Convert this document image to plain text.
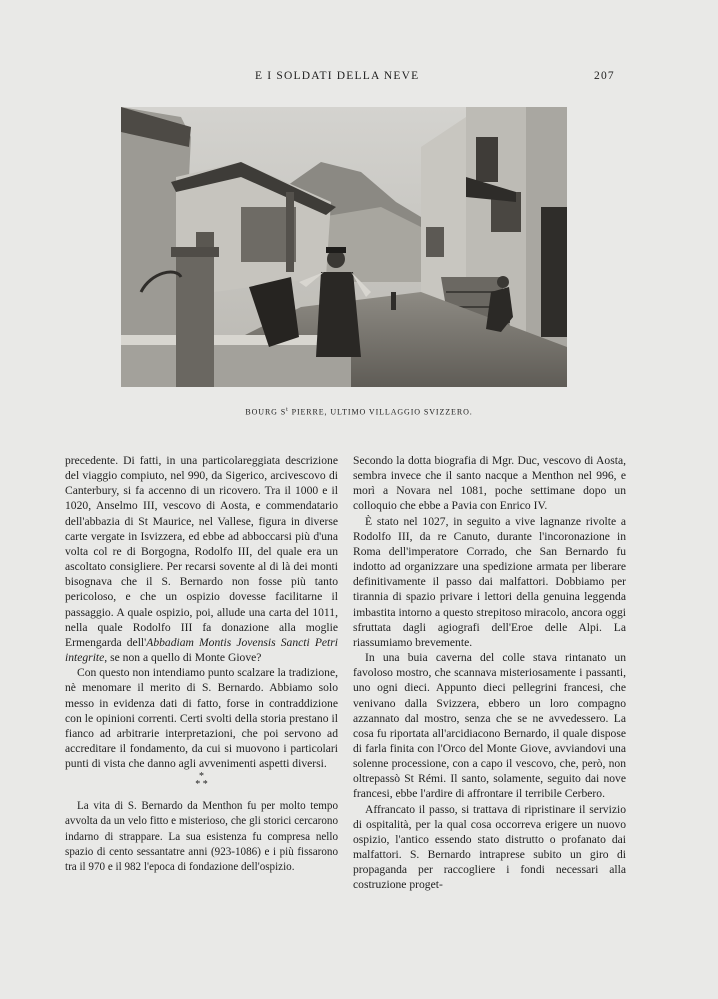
E I SOLDATI DELLA NEVE	207
BOURG $S^t$ PIERRE, ULTIMO VILLAGGIO SVIZZERO.

precedente. Di fatti, in una particolareggiata descrizione del viaggio compiuto, nel 990, da Sigerico, arcivescovo di Canterbury, si fa accenno di un ricovero. Tra il 1000 e il 1020, Anselmo III, vescovo di Aosta, e commendatario dell'abbazia di St Maurice, nel Vallese, figura in diverse carte vergate in Isvizzera, ed ebbe ad abboccarsi più d'una volta col re di Borgogna, Rodolfo III, del quale era un ascoltato consigliere. Per recarsi sovente al di là dei monti bisognava che il S. Bernardo non fosse più tanto pericoloso, e che un ospizio dovesse facilitarne il passaggio. A quale ospizio, poi, allude una carta del 1011, nella quale Rodolfo III fa donazione alla moglie Ermengarda dell'Abbadiam Montis Jovensis Sancti Petri integrite, se non a quello di Monte Giove?

Con questo non intendiamo punto scalzare la tradizione, nè menomare il merito di S. Bernardo. Abbiamo solo messo in evidenza dati di fatto, forse in contraddizione con le opinioni correnti. Certi svolti della storia prestano il fianco ad arbitrarie interpretazioni, che poi servono ad accreditare il fondamento, da cui si muovono i particolari punti di vista che danno agli avvenimenti aspetti diversi.

*
* *

La vita di S. Bernardo da Menthon fu per molto tempo avvolta da un velo fitto e misterioso, che gli storici cercarono indarno di strappare. La sua esistenza fu compresa nello spazio di cento sessantatre anni (923-1086) e i più fissarono tra il 970 e il 982 l'epoca di fondazione dell'ospizio.

Secondo la dotta biografia di Mgr. Duc, vescovo di Aosta, sembra invece che il santo nacque a Menthon nel 996, e morì a Novara nel 1081, poche settimane dopo un colloquio che ebbe a Pavia con Enrico IV.

È stato nel 1027, in seguito a vive lagnanze rivolte a Rodolfo III, da re Canuto, durante l'incoronazione in Roma dell'imperatore Corrado, che San Bernardo fu indotto ad organizzare una spedizione armata per liberare definitivamente il passo dai malfattori. Dobbiamo per tirannia di spazio privare i lettori della genuina leggenda imbastita intorno a questo strepitoso miracolo, ancora oggi sfruttata dagli agiografi dell'Eroe delle Alpi. La riassumiamo brevemente.

In una buia caverna del colle stava rintanato un favoloso mostro, che scannava misteriosamente i passanti, uno ogni dieci. Appunto dieci pellegrini francesi, che venivano dalla Svizzera, ebbero un loro compagno azzannato dal mostro, senza che se ne avvedessero. La cosa fu riportata all'arcidiacono Bernardo, il quale dispose di farla finita con l'Orco del Monte Giove, avviandovi una solenne processione, con a capo il vescovo, che, però, non oltrepassò St Rémi. Il santo, solamente, seguito dai nove francesi, ebbe l'ardire di affrontare il terribile Cerbero.

Affrancato il passo, si trattava di ripristinare il servizio di ospitalità, per la qual cosa occorreva erigere un nuovo ospizio, l'antico essendo stato distrutto o profanato dai malfattori. S. Bernardo intraprese subito un giro di propaganda per raccogliere i fondi necessari alla costruzione proget-
